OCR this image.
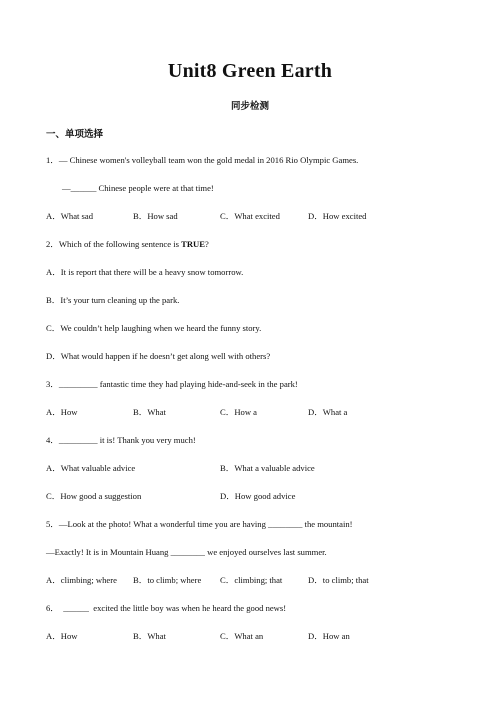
Unit8 Green Earth
同步检测
一、单项选择
1．— Chinese women's volleyball team won the gold medal in 2016 Rio Olympic Games.
—______ Chinese people were at that time!
A．What sad	B．How sad	C．What excited	D．How excited
2．Which of the following sentence is TRUE?
A．It is report that there will be a heavy snow tomorrow.
B．It’s your turn cleaning up the park.
C．We couldn’t help laughing when we heard the funny story.
D．What would happen if he doesn’t get along well with others?
3．_________ fantastic time they had playing hide-and-seek in the park!
A．How	B．What	C．How a	D．What a
4．_________ it is! Thank you very much!
A．What valuable advice	B．What a valuable advice
C．How good a suggestion	D．How good advice
5．—Look at the photo! What a wonderful time you are having ________ the mountain!
—Exactly! It is in Mountain Huang ________ we enjoyed ourselves last summer.
A．climbing; where B．to climb; where C．climbing; that	D．to climb; that
6．  ______  excited the little boy was when he heard the good news!
A．How	B．What	C．What an	D．How an
